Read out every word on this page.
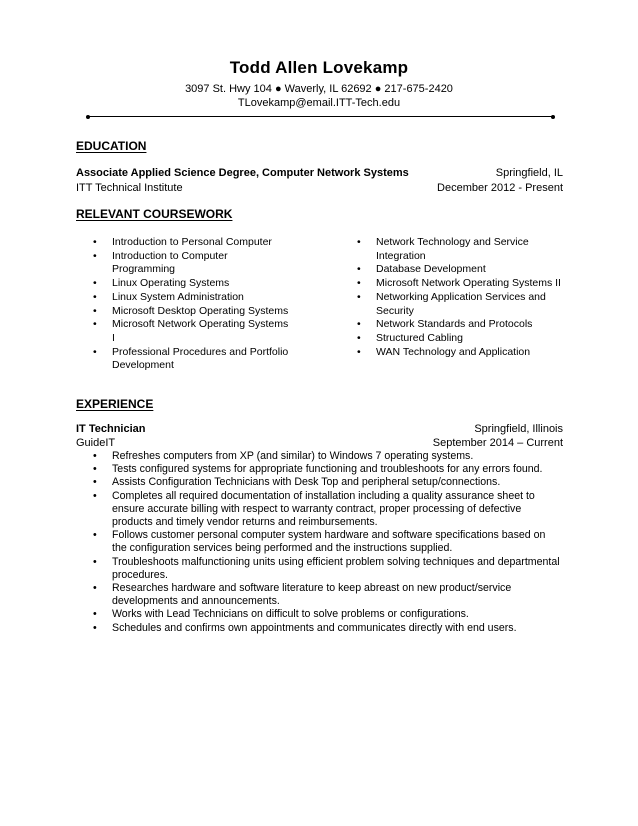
Todd Allen Lovekamp
3097 St. Hwy 104 ● Waverly, IL 62692 ● 217-675-2420
TLovekamp@email.ITT-Tech.edu
EDUCATION
Associate Applied Science Degree, Computer Network Systems	Springfield, IL
ITT Technical Institute	December 2012 - Present
RELEVANT COURSEWORK
• Introduction to Personal Computer
• Introduction to Computer Programming
• Linux Operating Systems
• Linux System Administration
• Microsoft Desktop Operating Systems
• Microsoft Network Operating Systems I
• Professional Procedures and Portfolio Development
• Network Technology and Service Integration
• Database Development
• Microsoft Network Operating Systems II
• Networking Application Services and Security
• Network Standards and Protocols
• Structured Cabling
• WAN Technology and Application
EXPERIENCE
IT Technician	Springfield, Illinois
GuideIT	September 2014 – Current
• Refreshes computers from XP (and similar) to Windows 7 operating systems.
• Tests configured systems for appropriate functioning and troubleshoots for any errors found.
• Assists Configuration Technicians with Desk Top and peripheral setup/connections.
• Completes all required documentation of installation including a quality assurance sheet to ensure accurate billing with respect to warranty contract, proper processing of defective products and timely vendor returns and reimbursements.
• Follows customer personal computer system hardware and software specifications based on the configuration services being performed and the instructions supplied.
• Troubleshoots malfunctioning units using efficient problem solving techniques and departmental procedures.
• Researches hardware and software literature to keep abreast on new product/service developments and announcements.
• Works with Lead Technicians on difficult to solve problems or configurations.
• Schedules and confirms own appointments and communicates directly with end users.
